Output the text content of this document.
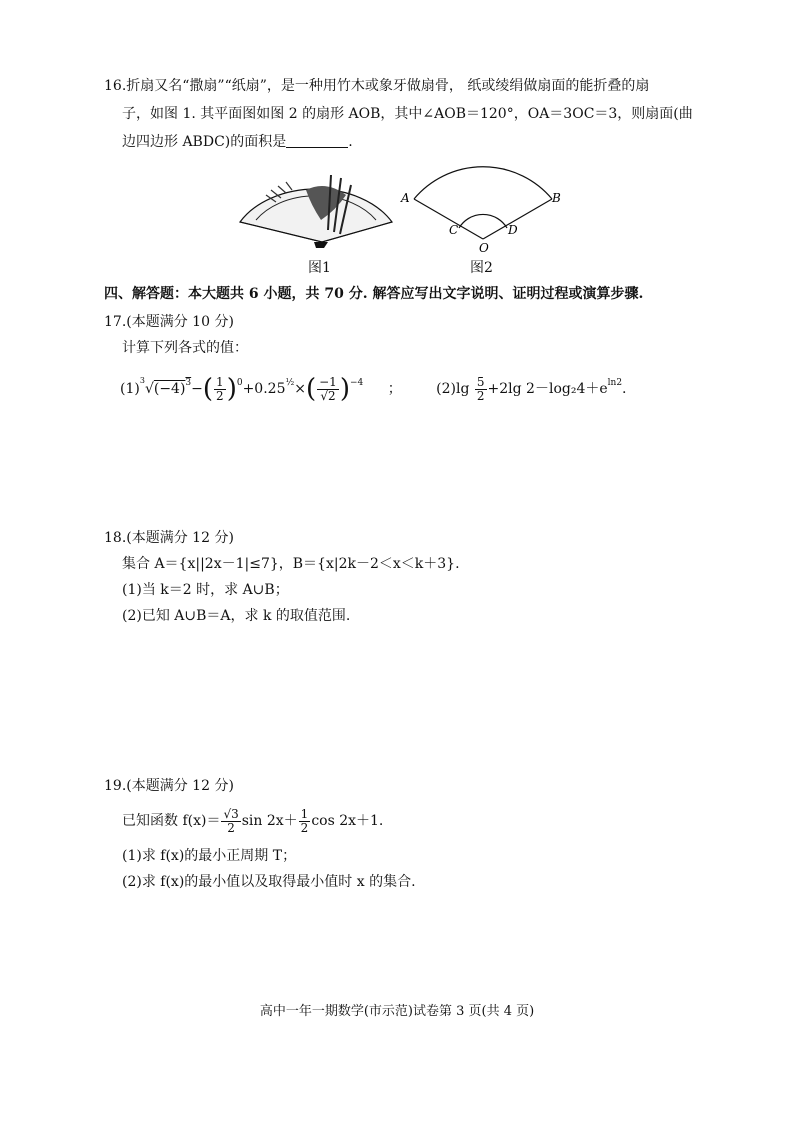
16.折扇又名“撒扇”“纸扇”，是一种用竹木或象牙做扇骨， 纸或绫绢做扇面的能折叠的扇
子，如图 1. 其平面图如图 2 的扇形 AOB，其中∠AOB＝120°，OA＝3OC＝3，则扇面(曲
边四边形 ABDC)的面积是	.
图1
A	B
C	D
O
图2
四、解答题：本大题共 6 小题，共 70 分. 解答应写出文字说明、证明过程或演算步骤.
17.(本题满分 10 分)
计算下列各式的值：
$(1)^3√(-4)^3-( \frac{1}{2} )^0+0.25^{\frac{1}{2}}\times( \frac{-1}{√2} )^{-4}$ ； $(2)\lg \frac{5}{2} +2\lg$ $2-\log_24+e^{ln2}$.
18.(本题满分 12 分)
集合 A＝{x||2x－1|≤7}，B＝{x|2k－2＜x＜k＋3}.
(1)当 k＝2 时，求 A∪B；
(2)已知 A∪B＝A，求 k 的取值范围.
19.(本题满分 12 分)
已知函数 $f(x)= \frac{√3}{2}$ $\sin 2x+ \frac{1}{2}$ cos 2x＋1.
(1)求 f(x)的最小正周期 T；
(2)求 f(x)的最小值以及取得最小值时 x 的集合.
高中一年一期数学(市示范)试卷第 3 页(共 4 页)
